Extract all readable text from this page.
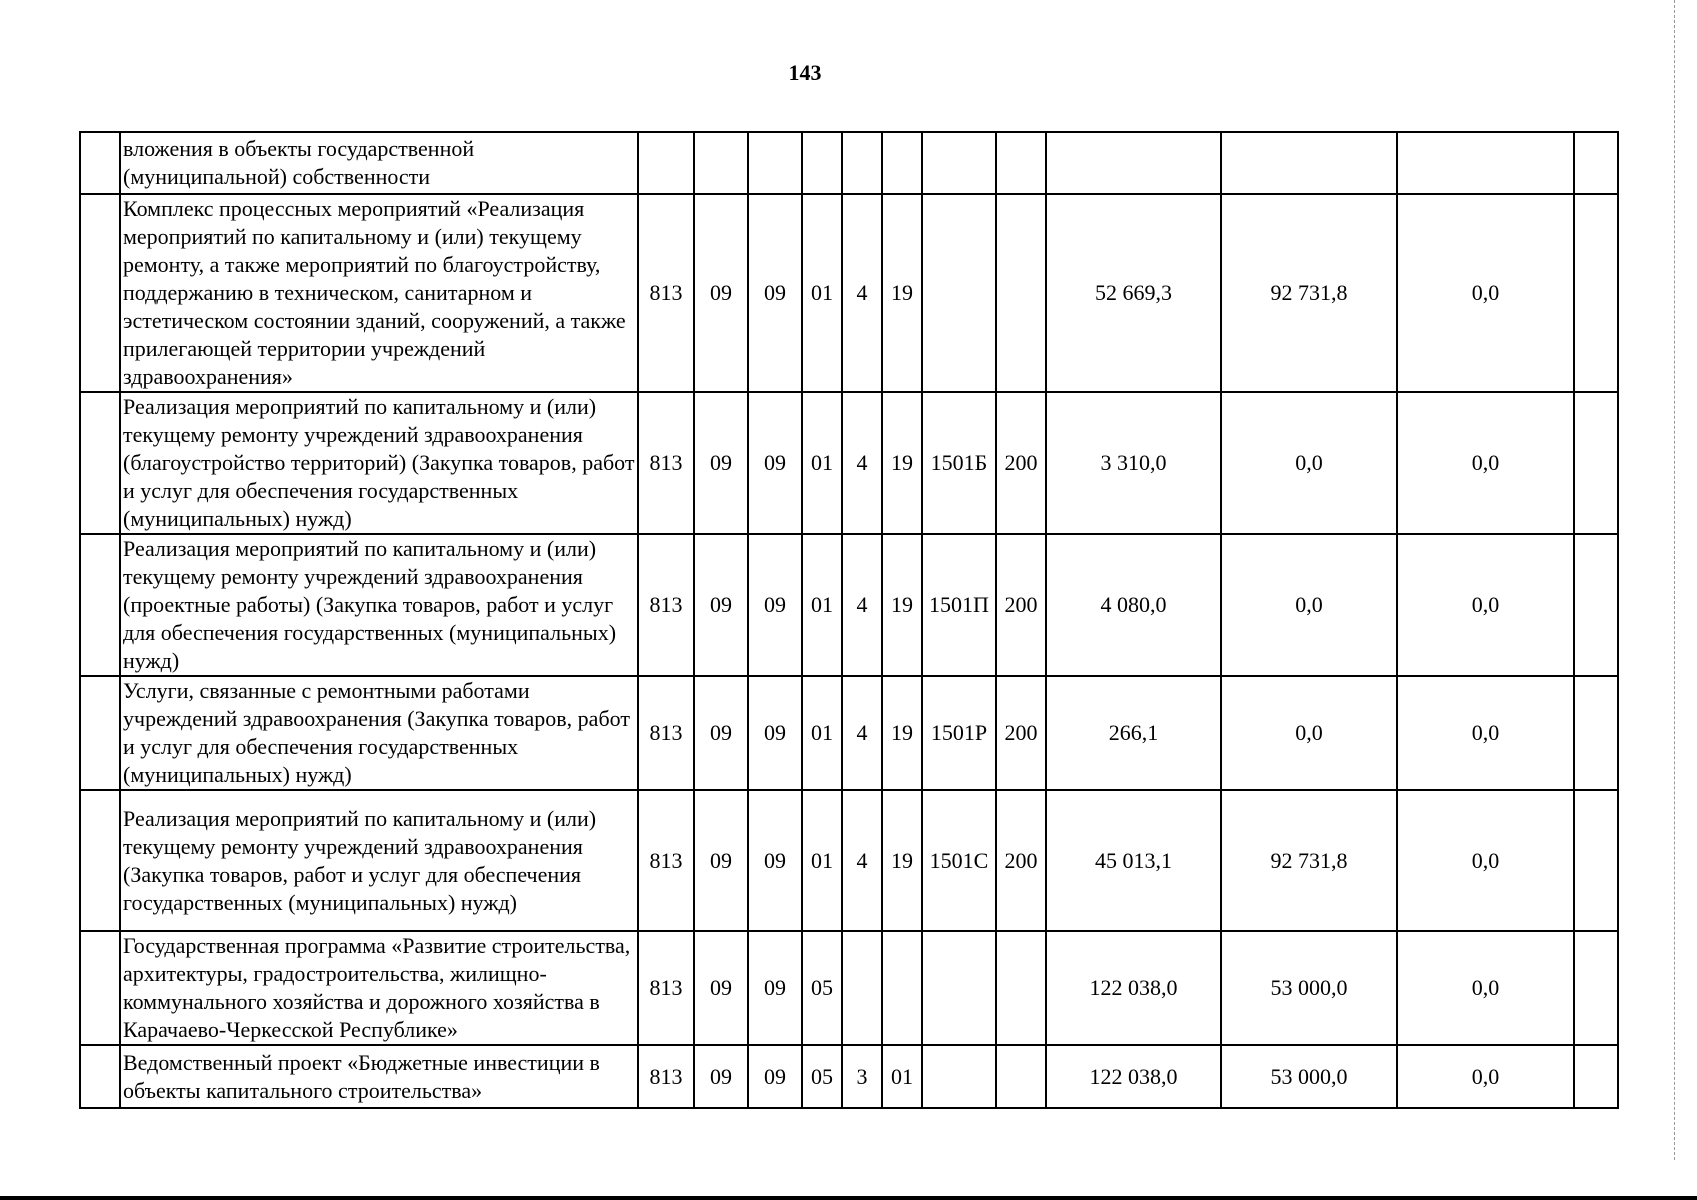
143
	вложения в объекты государственной (муниципальной) собственности												
	Комплекс процессных мероприятий «Реализация мероприятий по капитальному и (или) текущему ремонту, а также мероприятий по благоустройству, поддержанию в техническом, санитарном и эстетическом состоянии зданий, сооружений, а также прилегающей территории учреждений здравоохранения»	813	09	09	01	4	19			52 669,3	92 731,8	0,0	
	Реализация мероприятий по капитальному и (или) текущему ремонту учреждений здравоохранения (благоустройство территорий) (Закупка товаров, работ и услуг для обеспечения государственных (муниципальных) нужд)	813	09	09	01	4	19	1501Б	200	3 310,0	0,0	0,0	
	Реализация мероприятий по капитальному и (или) текущему ремонту учреждений здравоохранения (проектные работы) (Закупка товаров, работ и услуг для обеспечения государственных (муниципальных) нужд)	813	09	09	01	4	19	1501П	200	4 080,0	0,0	0,0	
	Услуги, связанные с ремонтными работами учреждений здравоохранения (Закупка товаров, работ и услуг для обеспечения государственных (муниципальных) нужд)	813	09	09	01	4	19	1501Р	200	266,1	0,0	0,0	
	Реализация мероприятий по капитальному и (или) текущему ремонту учреждений здравоохранения (Закупка товаров, работ и услуг для обеспечения государственных (муниципальных) нужд)	813	09	09	01	4	19	1501С	200	45 013,1	92 731,8	0,0	
	Государственная программа «Развитие строительства, архитектуры, градостроительства, жилищно-коммунального хозяйства и дорожного хозяйства в Карачаево-Черкесской Республике»	813	09	09	05					122 038,0	53 000,0	0,0	
	Ведомственный проект «Бюджетные инвестиции в объекты капитального строительства»	813	09	09	05	3	01			122 038,0	53 000,0	0,0	
